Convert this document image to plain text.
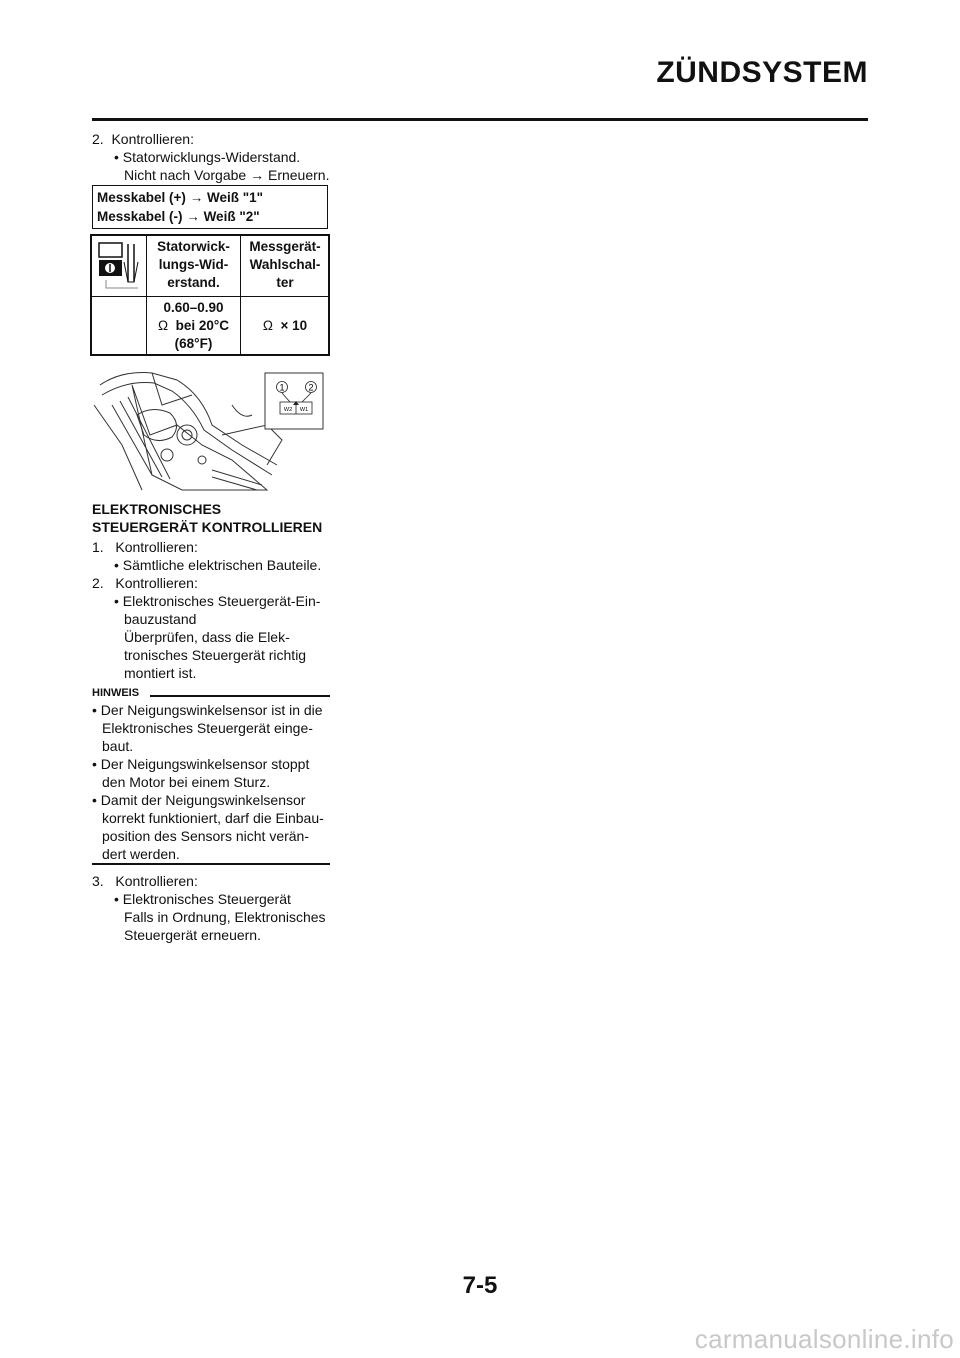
ZÜNDSYSTEM
2. Kontrollieren:
• Statorwicklungs-Widerstand.
Nicht nach Vorgabe → Erneuern.
Messkabel (+) → Weiß "1"
Messkabel (-) → Weiß "2"
Statorwick-
lungs-Wid-
erstand.
Messgerät-
Wahlschal-
ter
0.60–0.90
Ω bei 20°C
(68°F)
Ω × 10
1	2
W2 W1
ELEKTRONISCHES
STEUERGERÄT KONTROLLIEREN
1. Kontrollieren:
• Sämtliche elektrischen Bauteile.
2. Kontrollieren:
• Elektronisches Steuergerät-Ein-
bauzustand
Überprüfen, dass die Elek-
tronisches Steuergerät richtig
montiert ist.
HINWEIS
• Der Neigungswinkelsensor ist in die
Elektronisches Steuergerät einge-
baut.
• Der Neigungswinkelsensor stoppt
den Motor bei einem Sturz.
• Damit der Neigungswinkelsensor
korrekt funktioniert, darf die Einbau-
position des Sensors nicht verän-
dert werden.
3. Kontrollieren:
• Elektronisches Steuergerät
Falls in Ordnung, Elektronisches
Steuergerät erneuern.
7-5
carmanualsonline.info
